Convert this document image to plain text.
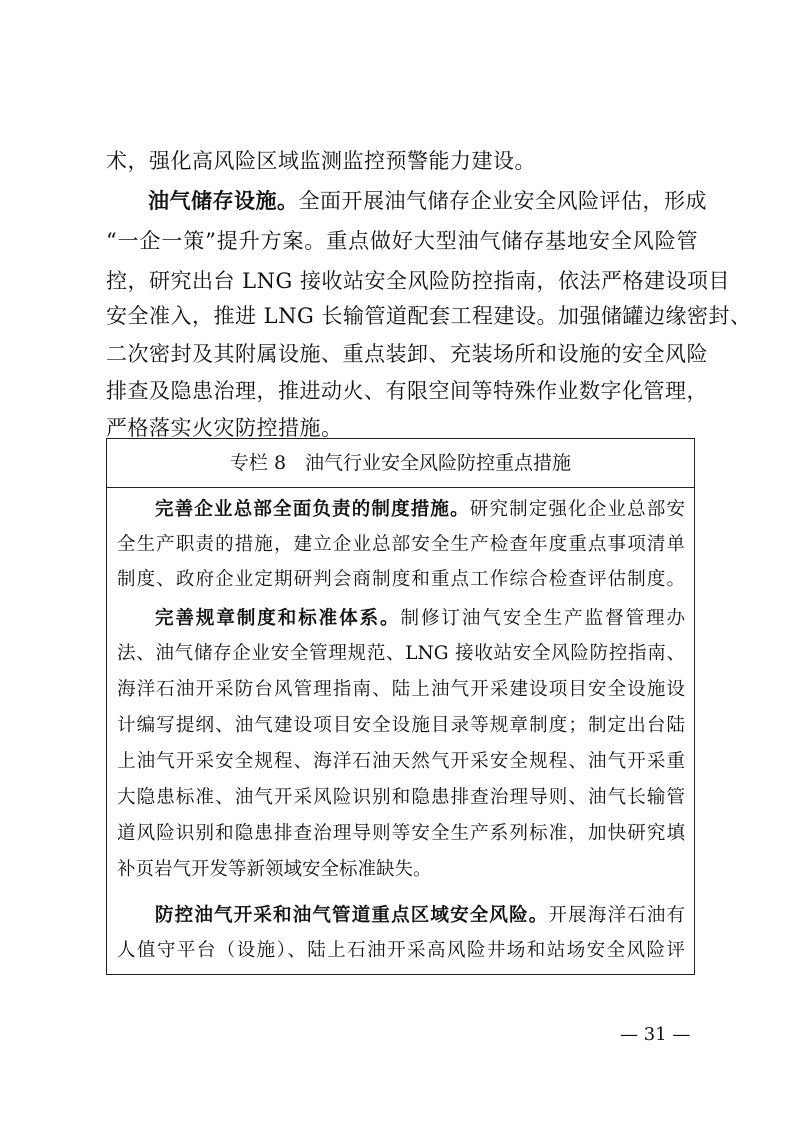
术，强化高风险区域监测监控预警能力建设。
油气储存设施。全面开展油气储存企业安全风险评估，形成
“一企一策”提升方案。重点做好大型油气储存基地安全风险管
控，研究出台 LNG 接收站安全风险防控指南，依法严格建设项目
安全准入，推进 LNG 长输管道配套工程建设。加强储罐边缘密封、
二次密封及其附属设施、重点装卸、充装场所和设施的安全风险
排查及隐患治理，推进动火、有限空间等特殊作业数字化管理，
严格落实火灾防控措施。
专栏 8　油气行业安全风险防控重点措施
完善企业总部全面负责的制度措施。研究制定强化企业总部安
全生产职责的措施，建立企业总部安全生产检查年度重点事项清单
制度、政府企业定期研判会商制度和重点工作综合检查评估制度。
完善规章制度和标准体系。制修订油气安全生产监督管理办
法、油气储存企业安全管理规范、LNG 接收站安全风险防控指南、
海洋石油开采防台风管理指南、陆上油气开采建设项目安全设施设
计编写提纲、油气建设项目安全设施目录等规章制度；制定出台陆
上油气开采安全规程、海洋石油天然气开采安全规程、油气开采重
大隐患标准、油气开采风险识别和隐患排查治理导则、油气长输管
道风险识别和隐患排查治理导则等安全生产系列标准，加快研究填
补页岩气开发等新领域安全标准缺失。
防控油气开采和油气管道重点区域安全风险。开展海洋石油有
人值守平台（设施）、陆上石油开采高风险井场和站场安全风险评
— 31 —
